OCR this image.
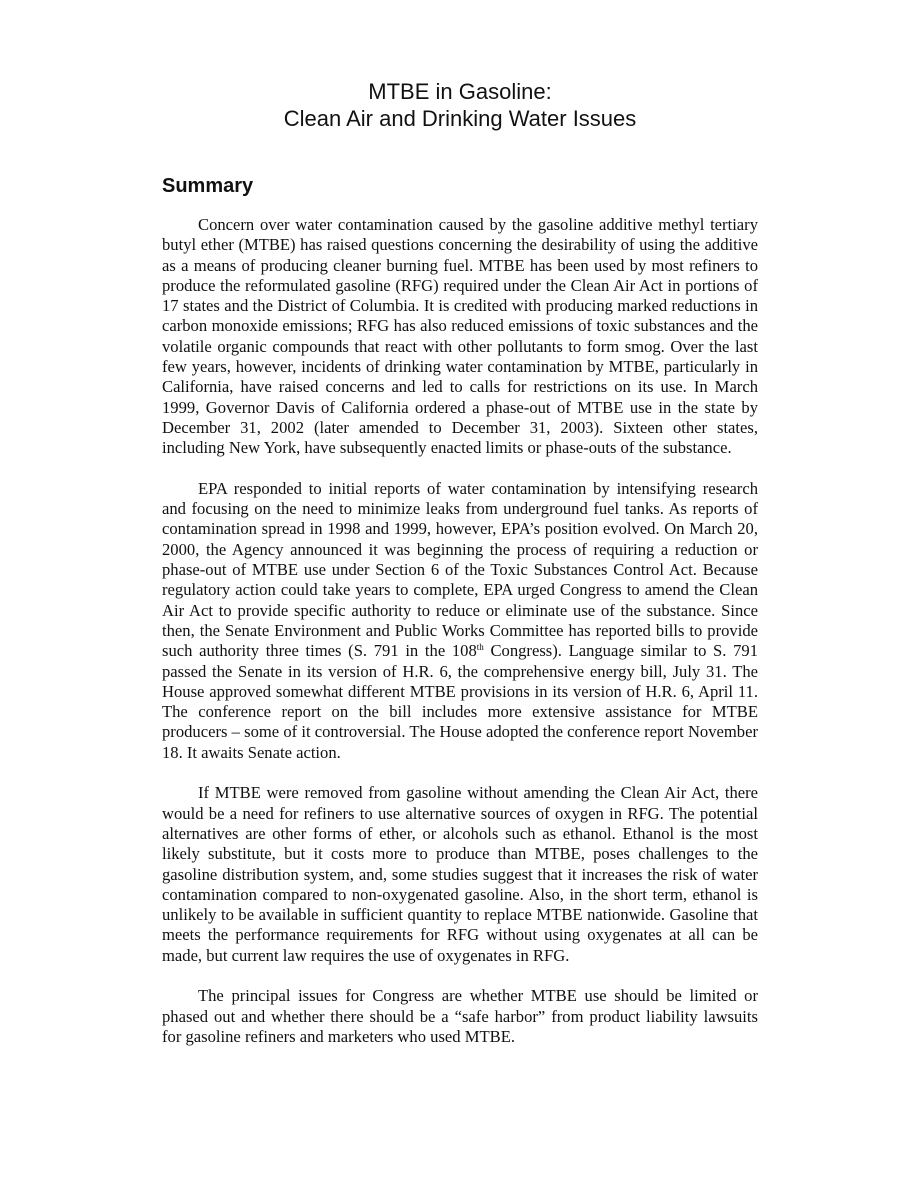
MTBE in Gasoline:
Clean Air and Drinking Water Issues
Summary

Concern over water contamination caused by the gasoline additive methyl tertiary butyl ether (MTBE) has raised questions concerning the desirability of using the additive as a means of producing cleaner burning fuel. MTBE has been used by most refiners to produce the reformulated gasoline (RFG) required under the Clean Air Act in portions of 17 states and the District of Columbia. It is credited with producing marked reductions in carbon monoxide emissions; RFG has also reduced emissions of toxic substances and the volatile organic compounds that react with other pollutants to form smog. Over the last few years, however, incidents of drinking water contamination by MTBE, particularly in California, have raised concerns and led to calls for restrictions on its use. In March 1999, Governor Davis of California ordered a phase-out of MTBE use in the state by December 31, 2002 (later amended to December 31, 2003). Sixteen other states, including New York, have subsequently enacted limits or phase-outs of the substance.

EPA responded to initial reports of water contamination by intensifying research and focusing on the need to minimize leaks from underground fuel tanks. As reports of contamination spread in 1998 and 1999, however, EPA’s position evolved. On March 20, 2000, the Agency announced it was beginning the process of requiring a reduction or phase-out of MTBE use under Section 6 of the Toxic Substances Control Act. Because regulatory action could take years to complete, EPA urged Congress to amend the Clean Air Act to provide specific authority to reduce or eliminate use of the substance. Since then, the Senate Environment and Public Works Committee has reported bills to provide such authority three times (S. 791 in the 108th Congress). Language similar to S. 791 passed the Senate in its version of H.R. 6, the comprehensive energy bill, July 31. The House approved somewhat different MTBE provisions in its version of H.R. 6, April 11. The conference report on the bill includes more extensive assistance for MTBE producers – some of it controversial. The House adopted the conference report November 18. It awaits Senate action.

If MTBE were removed from gasoline without amending the Clean Air Act, there would be a need for refiners to use alternative sources of oxygen in RFG. The potential alternatives are other forms of ether, or alcohols such as ethanol. Ethanol is the most likely substitute, but it costs more to produce than MTBE, poses challenges to the gasoline distribution system, and, some studies suggest that it increases the risk of water contamination compared to non-oxygenated gasoline. Also, in the short term, ethanol is unlikely to be available in sufficient quantity to replace MTBE nationwide. Gasoline that meets the performance requirements for RFG without using oxygenates at all can be made, but current law requires the use of oxygenates in RFG.

The principal issues for Congress are whether MTBE use should be limited or phased out and whether there should be a “safe harbor” from product liability lawsuits for gasoline refiners and marketers who used MTBE.
